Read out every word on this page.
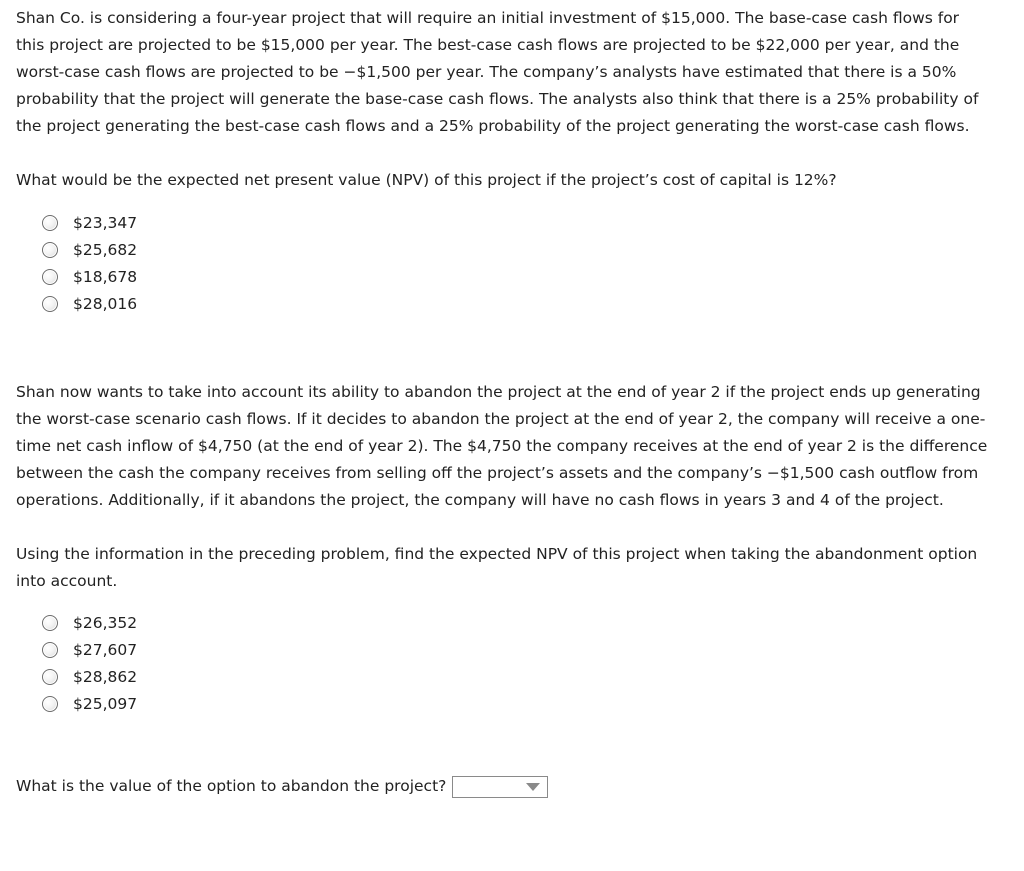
Shan Co. is considering a four-year project that will require an initial investment of $15,000. The base-case cash flows for this project are projected to be $15,000 per year. The best-case cash flows are projected to be $22,000 per year, and the worst-case cash flows are projected to be −$1,500 per year. The company’s analysts have estimated that there is a 50% probability that the project will generate the base-case cash flows. The analysts also think that there is a 25% probability of the project generating the best-case cash flows and a 25% probability of the project generating the worst-case cash flows.

What would be the expected net present value (NPV) of this project if the project’s cost of capital is 12%?

$23,347
$25,682
$18,678
$28,016

Shan now wants to take into account its ability to abandon the project at the end of year 2 if the project ends up generating the worst-case scenario cash flows. If it decides to abandon the project at the end of year 2, the company will receive a one-time net cash inflow of $4,750 (at the end of year 2). The $4,750 the company receives at the end of year 2 is the difference between the cash the company receives from selling off the project’s assets and the company’s −$1,500 cash outflow from operations. Additionally, if it abandons the project, the company will have no cash flows in years 3 and 4 of the project.

Using the information in the preceding problem, find the expected NPV of this project when taking the abandonment option into account.

$26,352
$27,607
$28,862
$25,097
What is the value of the option to abandon the project?
